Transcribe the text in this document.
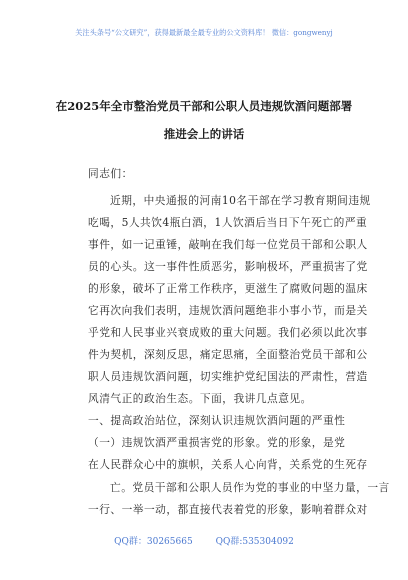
关注头条号“公文研究”，获得最新最全最专业的公文资料库！ 微信：gongwenyj
在2025年全市整治党员干部和公职人员违规饮酒问题部署
推进会上的讲话
同志们：
近期，中央通报的河南10名干部在学习教育期间违规
吃喝，5人共饮4瓶白酒，1人饮酒后当日下午死亡的严重
事件，如一记重锤，敲响在我们每一位党员干部和公职人
员的心头。这一事件性质恶劣，影响极坏，严重损害了党
的形象，破坏了正常工作秩序，更滋生了腐败问题的温床
它再次向我们表明，违规饮酒问题绝非小事小节，而是关
乎党和人民事业兴衰成败的重大问题。我们必须以此次事
件为契机，深刻反思，痛定思痛，全面整治党员干部和公
职人员违规饮酒问题，切实维护党纪国法的严肃性，营造
风清气正的政治生态。下面，我讲几点意见。
一、提高政治站位，深刻认识违规饮酒问题的严重性
（一）违规饮酒严重损害党的形象。党的形象，是党
在人民群众心中的旗帜，关系人心向背，关系党的生死存
亡。党员干部和公职人员作为党的事业的中坚力量，一言
一行、一举一动，都直接代表着党的形象，影响着群众对
QQ群：30265665	QQ群:535304092
